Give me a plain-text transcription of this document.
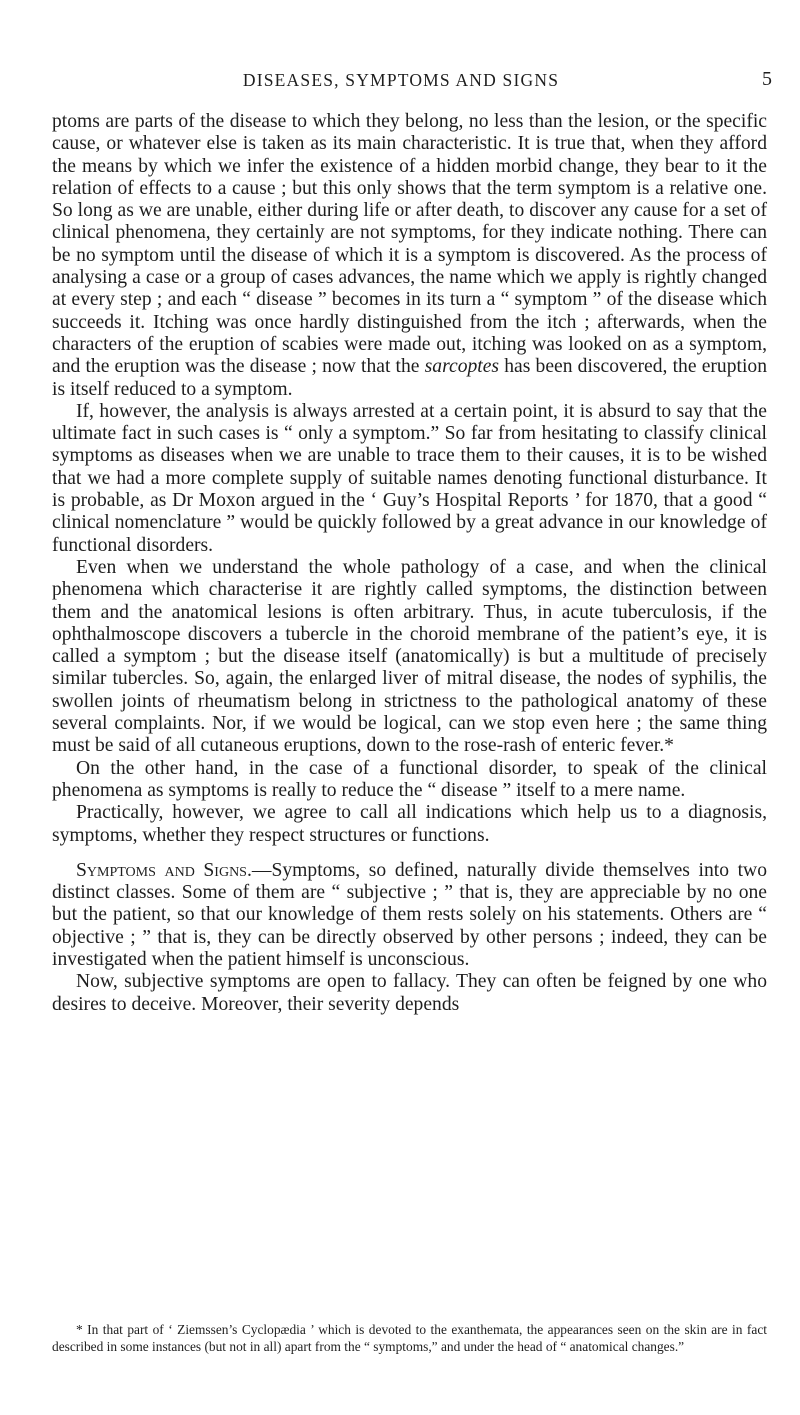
DISEASES, SYMPTOMS AND SIGNS	5

ptoms are parts of the disease to which they belong, no less than the lesion, or the specific cause, or whatever else is taken as its main characteristic. It is true that, when they afford the means by which we infer the existence of a hidden morbid change, they bear to it the relation of effects to a cause ; but this only shows that the term symptom is a relative one. So long as we are unable, either during life or after death, to discover any cause for a set of clinical phenomena, they certainly are not symptoms, for they indicate nothing. There can be no symptom until the disease of which it is a symptom is discovered. As the process of analysing a case or a group of cases advances, the name which we apply is rightly changed at every step ; and each “ disease ” becomes in its turn a “ symptom ” of the disease which succeeds it. Itching was once hardly distinguished from the itch ; afterwards, when the characters of the eruption of scabies were made out, itching was looked on as a symptom, and the eruption was the disease ; now that the sarcoptes has been discovered, the eruption is itself reduced to a symptom.

If, however, the analysis is always arrested at a certain point, it is absurd to say that the ultimate fact in such cases is “ only a symptom.” So far from hesitating to classify clinical symptoms as diseases when we are unable to trace them to their causes, it is to be wished that we had a more complete supply of suitable names denoting functional disturbance. It is probable, as Dr Moxon argued in the ‘ Guy’s Hospital Reports ’ for 1870, that a good “ clinical nomenclature ” would be quickly followed by a great advance in our knowledge of functional disorders.

Even when we understand the whole pathology of a case, and when the clinical phenomena which characterise it are rightly called symptoms, the distinction between them and the anatomical lesions is often arbitrary. Thus, in acute tuberculosis, if the ophthalmoscope discovers a tubercle in the choroid membrane of the patient’s eye, it is called a symptom ; but the disease itself (anatomically) is but a multitude of precisely similar tubercles. So, again, the enlarged liver of mitral disease, the nodes of syphilis, the swollen joints of rheumatism belong in strictness to the pathological anatomy of these several complaints. Nor, if we would be logical, can we stop even here ; the same thing must be said of all cutaneous eruptions, down to the rose-rash of enteric fever.*

On the other hand, in the case of a functional disorder, to speak of the clinical phenomena as symptoms is really to reduce the “ disease ” itself to a mere name.

Practically, however, we agree to call all indications which help us to a diagnosis, symptoms, whether they respect structures or functions.

Symptoms and Signs.—Symptoms, so defined, naturally divide themselves into two distinct classes. Some of them are “ subjective ; ” that is, they are appreciable by no one but the patient, so that our knowledge of them rests solely on his statements. Others are “ objective ; ” that is, they can be directly observed by other persons ; indeed, they can be investigated when the patient himself is unconscious.

Now, subjective symptoms are open to fallacy. They can often be feigned by one who desires to deceive. Moreover, their severity depends

* In that part of ‘ Ziemssen’s Cyclopædia ’ which is devoted to the exanthemata, the appearances seen on the skin are in fact described in some instances (but not in all) apart from the “ symptoms,” and under the head of “ anatomical changes.”
